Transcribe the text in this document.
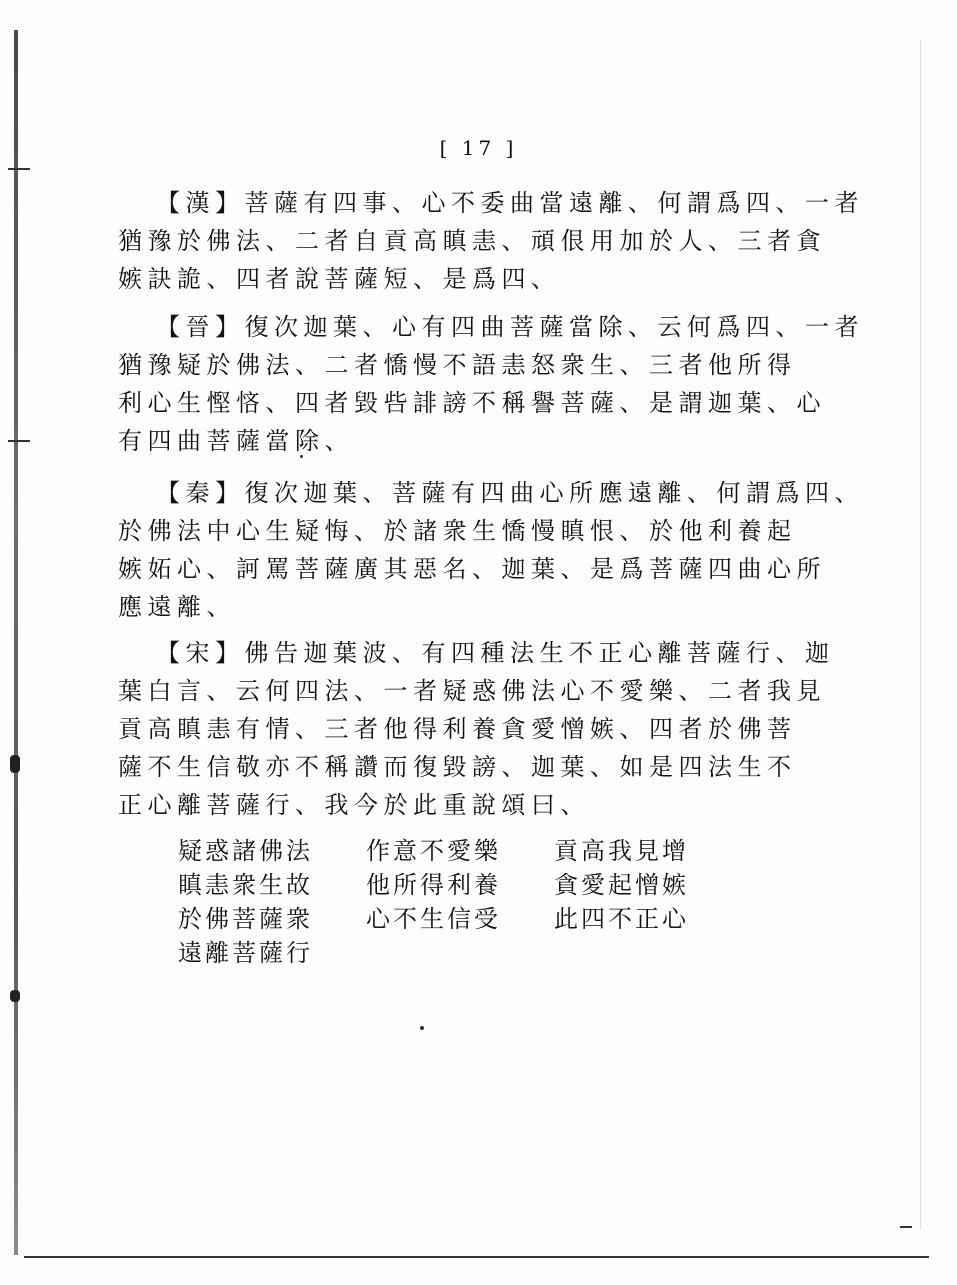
[ 17 ]
【漢】菩薩有四事、心不委曲當遠離、何謂爲四、一者
猶豫於佛法、二者自貢高瞋恚、頑佷用加於人、三者貪
嫉訣詭、四者說菩薩短、是爲四、
【晉】復次迦葉、心有四曲菩薩當除、云何爲四、一者
猶豫疑於佛法、二者憍慢不語恚怒衆生、三者他所得
利心生慳悋、四者毀呰誹謗不稱譽菩薩、是謂迦葉、心
有四曲菩薩當除、
【秦】復次迦葉、菩薩有四曲心所應遠離、何謂爲四、
於佛法中心生疑悔、於諸衆生憍慢瞋恨、於他利養起
嫉妬心、訶罵菩薩廣其惡名、迦葉、是爲菩薩四曲心所
應遠離、
【宋】佛告迦葉波、有四種法生不正心離菩薩行、迦
葉白言、云何四法、一者疑惑佛法心不愛樂、二者我見
貢高瞋恚有情、三者他得利養貪愛憎嫉、四者於佛菩
薩不生信敬亦不稱讚而復毀謗、迦葉、如是四法生不
正心離菩薩行、我今於此重說頌曰、
疑惑諸佛法 作意不愛樂 貢高我見增
瞋恚衆生故 他所得利養 貪愛起憎嫉
於佛菩薩衆 心不生信受 此四不正心
遠離菩薩行
